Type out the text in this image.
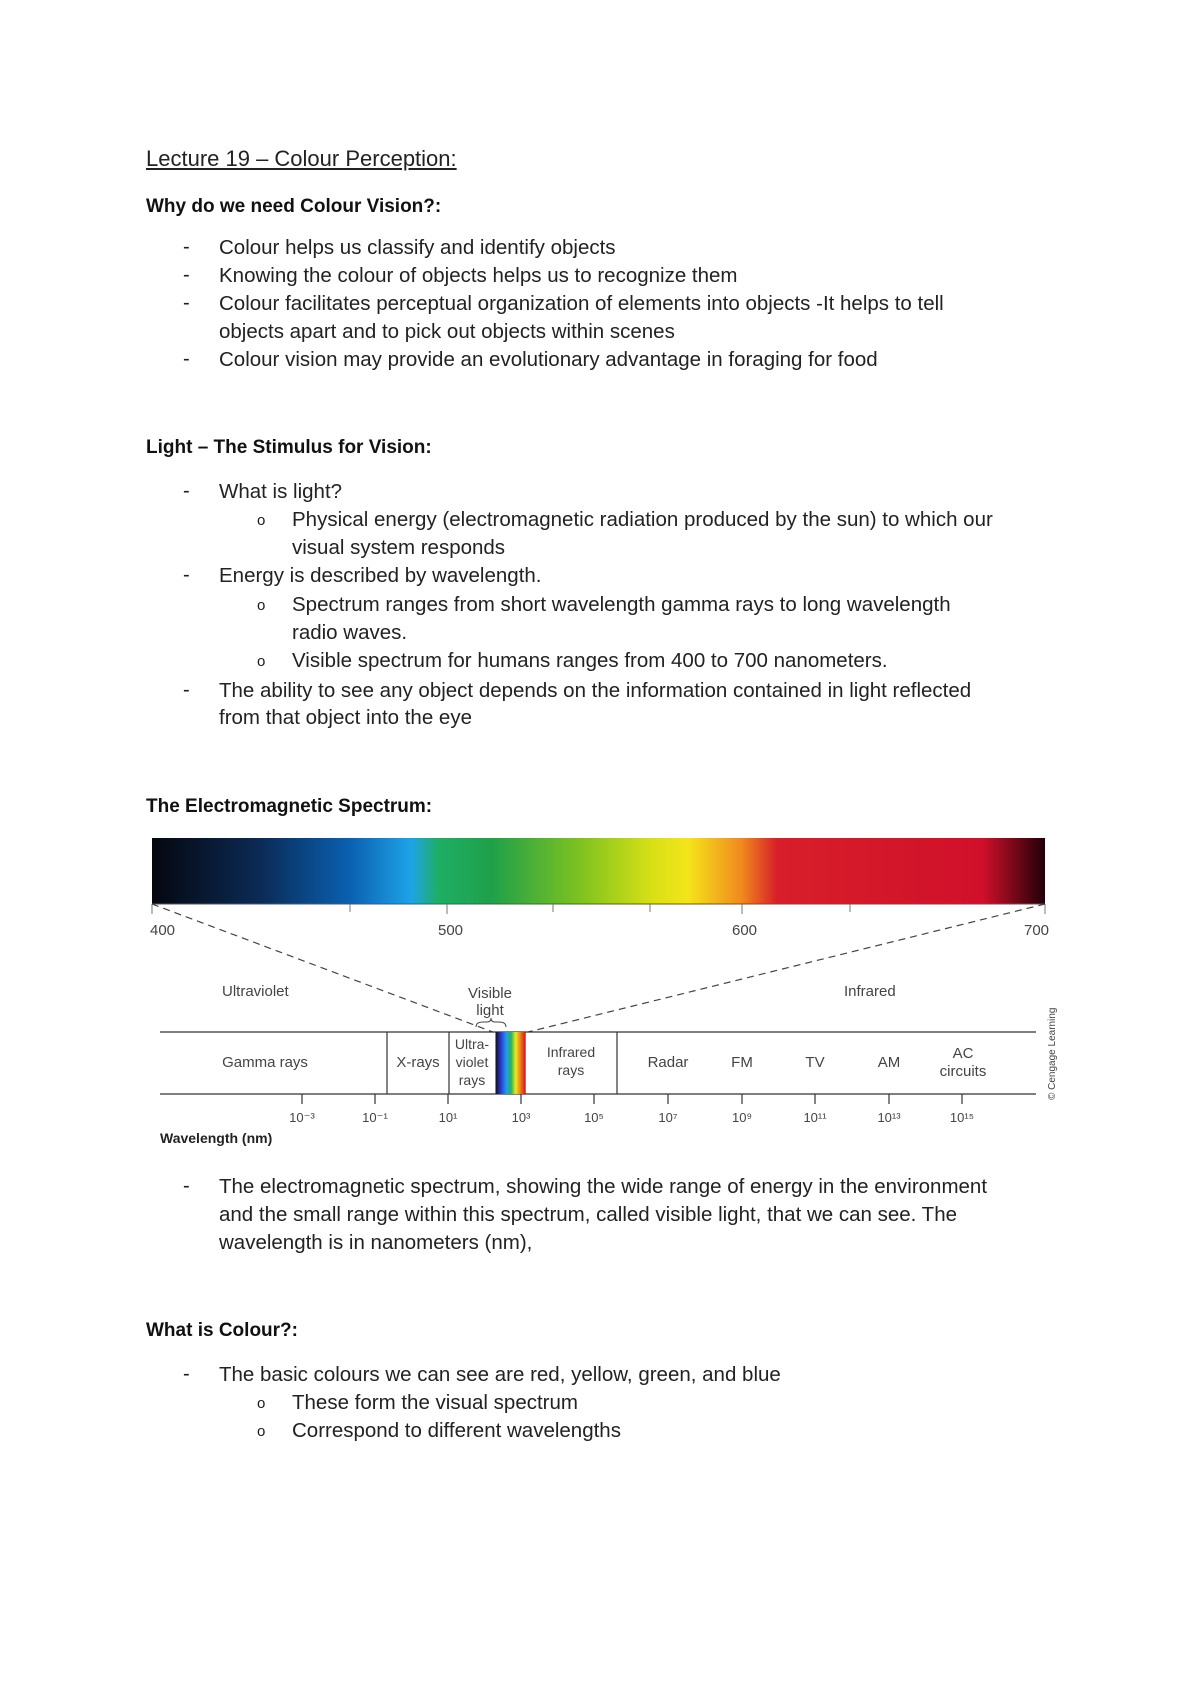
Lecture 19 – Colour Perception:
Why do we need Colour Vision?:
- Colour helps us classify and identify objects
- Knowing the colour of objects helps us to recognize them
- Colour facilitates perceptual organization of elements into objects -It helps to tell
objects apart and to pick out objects within scenes
- Colour vision may provide an evolutionary advantage in foraging for food
Light – The Stimulus for Vision:
- What is light?
o Physical energy (electromagnetic radiation produced by the sun) to which our
visual system responds
- Energy is described by wavelength.
o Spectrum ranges from short wavelength gamma rays to long wavelength
radio waves.
o Visible spectrum for humans ranges from 400 to 700 nanometers.
- The ability to see any object depends on the information contained in light reflected
from that object into the eye
The Electromagnetic Spectrum:
400	500	600	700
Ultraviolet	Visible
light
Infrared
Gamma rays	X-rays
Ultra-
violet
rays
Infrared
rays	Radar	FM	TV	AM
AC
circuits
10⁻³	10⁻¹	10¹	10³	10⁵	10⁷	10⁹	10¹¹	10¹³	10¹⁵
Wavelength (nm)
© Cengage Learning
- The electromagnetic spectrum, showing the wide range of energy in the environment
and the small range within this spectrum, called visible light, that we can see. The
wavelength is in nanometers (nm),
What is Colour?:
- The basic colours we can see are red, yellow, green, and blue
o These form the visual spectrum
o Correspond to different wavelengths
